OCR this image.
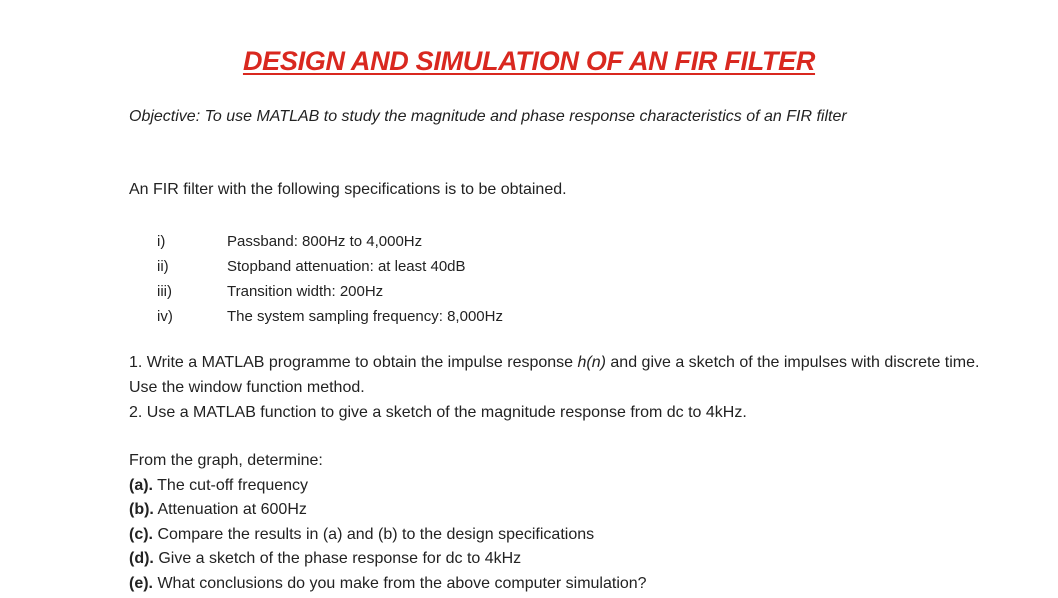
DESIGN AND SIMULATION OF AN FIR FILTER
Objective: To use MATLAB to study the magnitude and phase response characteristics of an FIR filter
An FIR filter with the following specifications is to be obtained.
i)	Passband: 800Hz to 4,000Hz
ii)	Stopband attenuation: at least 40dB
iii)	Transition width: 200Hz
iv)	The system sampling frequency: 8,000Hz

1. Write a MATLAB programme to obtain the impulse response h(n) and give a sketch of the impulses with discrete time. Use the window function method.

2. Use a MATLAB function to give a sketch of the magnitude response from dc to 4kHz.

From the graph, determine:

(a). The cut-off frequency

(b). Attenuation at 600Hz

(c). Compare the results in (a) and (b) to the design specifications

(d). Give a sketch of the phase response for dc to 4kHz

(e). What conclusions do you make from the above computer simulation?
